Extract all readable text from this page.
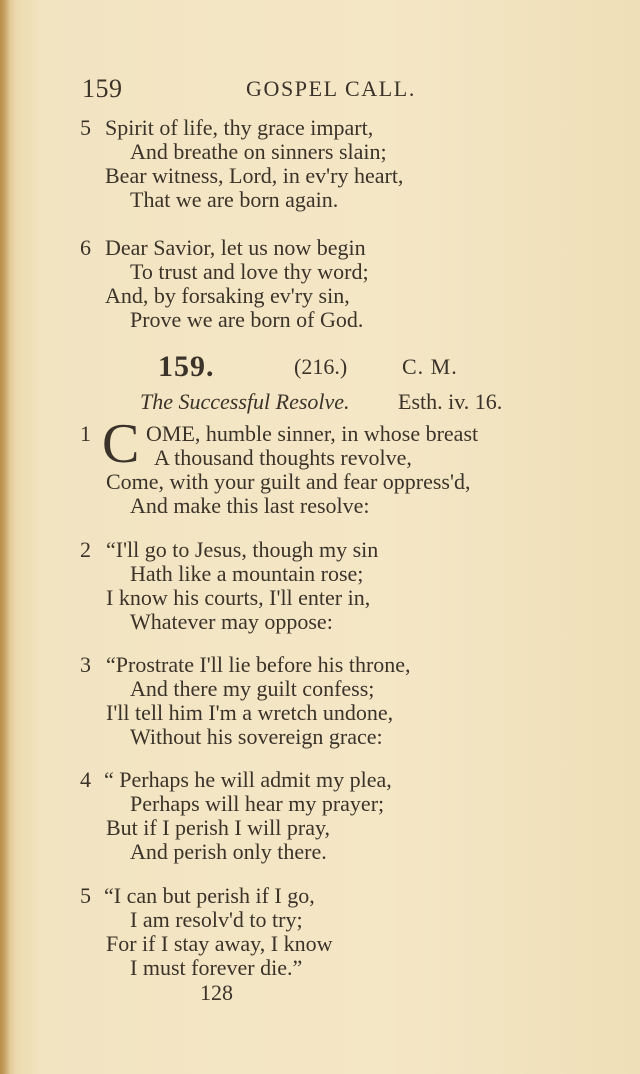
159	GOSPEL CALL.
5 Spirit of life, thy grace impart,
And breathe on sinners slain;
Bear witness, Lord, in ev'ry heart,
That we are born again.
6 Dear Savior, let us now begin
To trust and love thy word;
And, by forsaking ev'ry sin,
Prove we are born of God.
159.	(216.) C. M.
The Successful Resolve. Esth. iv. 16.
1 C OME, humble sinner, in whose breast
A thousand thoughts revolve,
Come, with your guilt and fear oppress'd,
And make this last resolve:
2 “I'll go to Jesus, though my sin
Hath like a mountain rose;
I know his courts, I'll enter in,
Whatever may oppose:
3 “Prostrate I'll lie before his throne,
And there my guilt confess;
I'll tell him I'm a wretch undone,
Without his sovereign grace:
4 “ Perhaps he will admit my plea,
Perhaps will hear my prayer;
But if I perish I will pray,
And perish only there.
5 “I can but perish if I go,
I am resolv'd to try;
For if I stay away, I know
I must forever die.”
128
